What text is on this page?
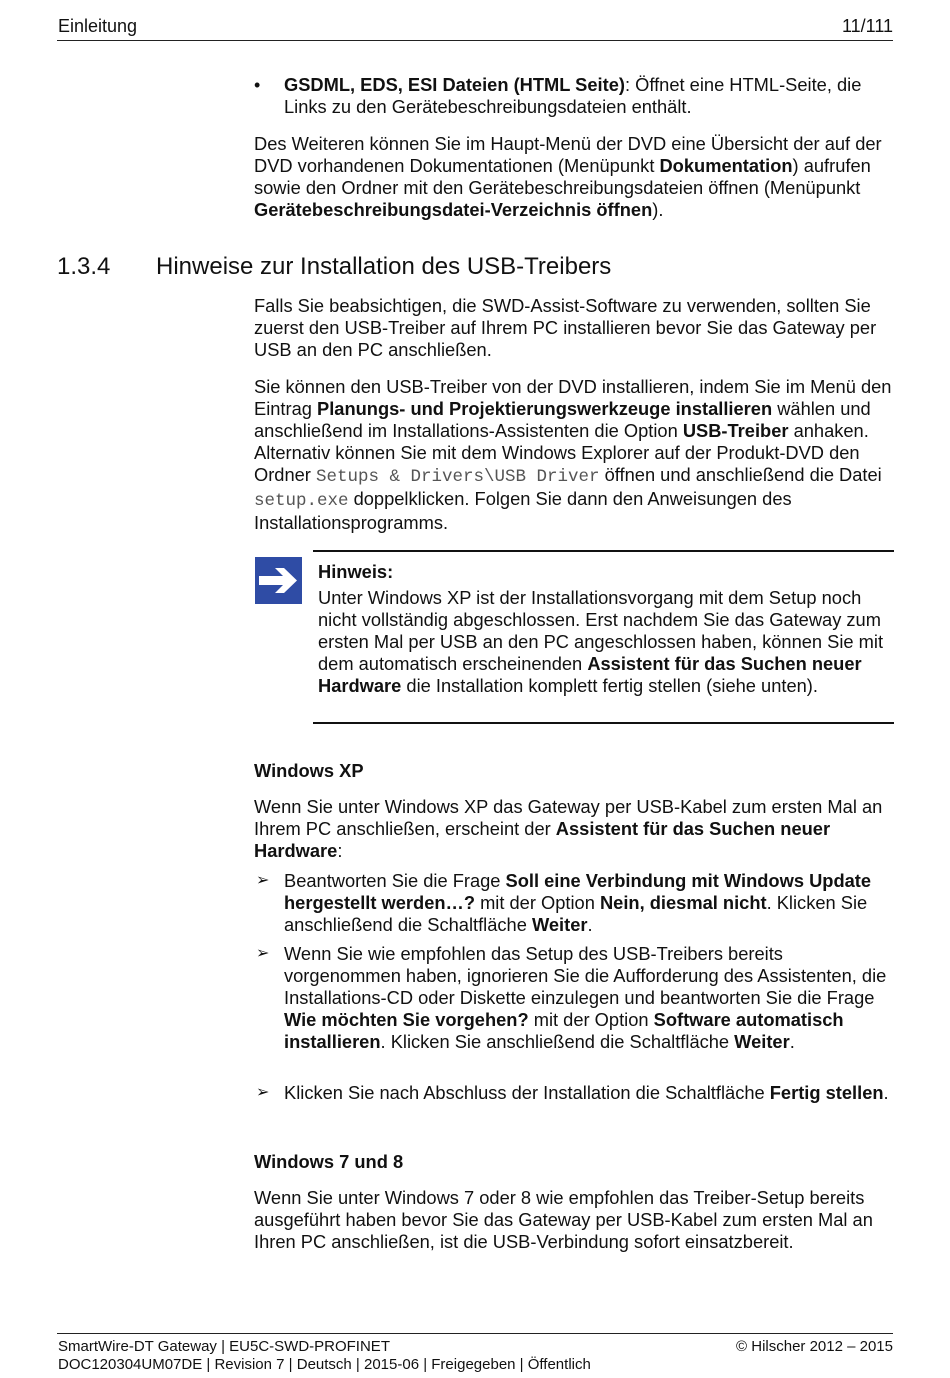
Einleitung	11/111
• GSDML, EDS, ESI Dateien (HTML Seite): Öffnet eine HTML-Seite, die Links zu den Gerätebeschreibungsdateien enthält.
Des Weiteren können Sie im Haupt-Menü der DVD eine Übersicht der auf der DVD vorhandenen Dokumentationen (Menüpunkt Dokumentation) aufrufen sowie den Ordner mit den Gerätebeschreibungsdateien öffnen (Menüpunkt Gerätebeschreibungsdatei-Verzeichnis öffnen).
1.3.4 Hinweise zur Installation des USB-Treibers
Falls Sie beabsichtigen, die SWD-Assist-Software zu verwenden, sollten Sie zuerst den USB-Treiber auf Ihrem PC installieren bevor Sie das Gateway per USB an den PC anschließen.
Sie können den USB-Treiber von der DVD installieren, indem Sie im Menü den Eintrag Planungs- und Projektierungswerkzeuge installieren wählen und anschließend im Installations-Assistenten die Option USB-Treiber anhaken. Alternativ können Sie mit dem Windows Explorer auf der Produkt-DVD den Ordner Setups & Drivers\USB Driver öffnen und anschließend die Datei setup.exe doppelklicken. Folgen Sie dann den Anweisungen des Installationsprogramms.
Hinweis:
Unter Windows XP ist der Installationsvorgang mit dem Setup noch nicht vollständig abgeschlossen. Erst nachdem Sie das Gateway zum ersten Mal per USB an den PC angeschlossen haben, können Sie mit dem automatisch erscheinenden Assistent für das Suchen neuer Hardware die Installation komplett fertig stellen (siehe unten).
Windows XP
Wenn Sie unter Windows XP das Gateway per USB-Kabel zum ersten Mal an Ihrem PC anschließen, erscheint der Assistent für das Suchen neuer Hardware:
➢ Beantworten Sie die Frage Soll eine Verbindung mit Windows Update hergestellt werden…? mit der Option Nein, diesmal nicht. Klicken Sie anschließend die Schaltfläche Weiter.
➢ Wenn Sie wie empfohlen das Setup des USB-Treibers bereits vorgenommen haben, ignorieren Sie die Aufforderung des Assistenten, die Installations-CD oder Diskette einzulegen und beantworten Sie die Frage Wie möchten Sie vorgehen? mit der Option Software automatisch installieren. Klicken Sie anschließend die Schaltfläche Weiter.
➢ Klicken Sie nach Abschluss der Installation die Schaltfläche Fertig stellen.
Windows 7 und 8
Wenn Sie unter Windows 7 oder 8 wie empfohlen das Treiber-Setup bereits ausgeführt haben bevor Sie das Gateway per USB-Kabel zum ersten Mal an Ihren PC anschließen, ist die USB-Verbindung sofort einsatzbereit.
SmartWire-DT Gateway | EU5C-SWD-PROFINET
DOC120304UM07DE | Revision 7 | Deutsch | 2015-06 | Freigegeben | Öffentlich
© Hilscher 2012 – 2015
